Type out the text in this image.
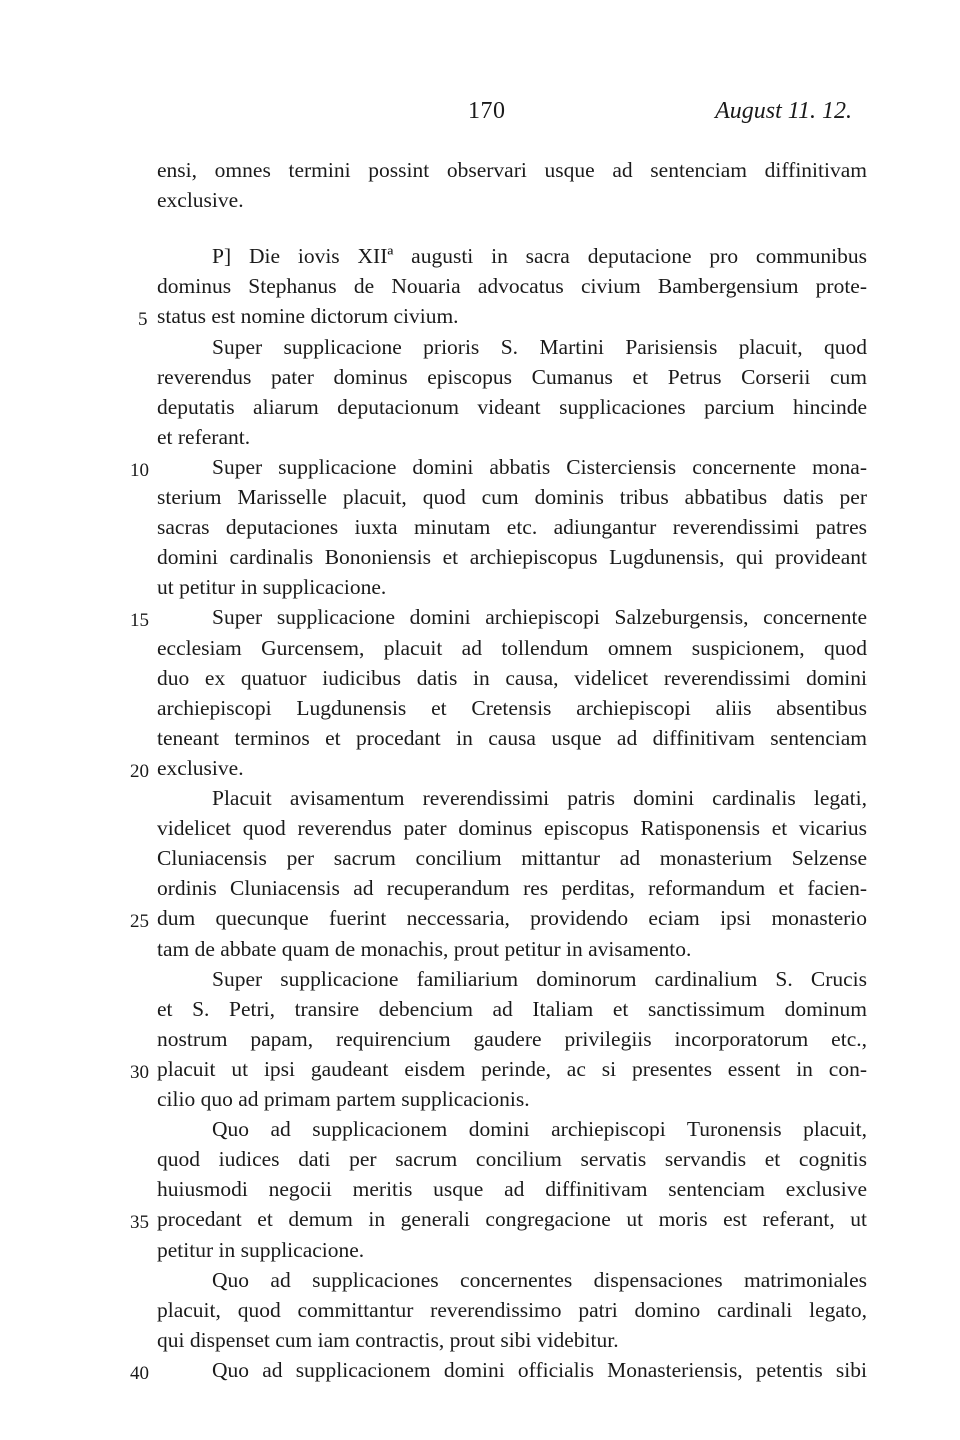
170	August 11. 12.
ensi, omnes termini possint observari usque ad sentenciam diffinitivam
exclusive.
P] Die iovis XIIª augusti in sacra deputacione pro communibus
dominus Stephanus de Nouaria advocatus civium Bambergensium prote-
status est nomine dictorum civium.
Super supplicacione prioris S. Martini Parisiensis placuit, quod
reverendus pater dominus episcopus Cumanus et Petrus Corserii cum
deputatis aliarum deputacionum videant supplicaciones parcium hincinde
et referant.
Super supplicacione domini abbatis Cisterciensis concernente mona-
sterium Marisselle placuit, quod cum dominis tribus abbatibus datis per
sacras deputaciones iuxta minutam etc. adiungantur reverendissimi patres
domini cardinalis Bononiensis et archiepiscopus Lugdunensis, qui provideant
ut petitur in supplicacione.
Super supplicacione domini archiepiscopi Salzeburgensis, concernente
ecclesiam Gurcensem, placuit ad tollendum omnem suspicionem, quod
duo ex quatuor iudicibus datis in causa, videlicet reverendissimi domini
archiepiscopi Lugdunensis et Cretensis archiepiscopi aliis absentibus
teneant terminos et procedant in causa usque ad diffinitivam sentenciam
exclusive.
Placuit avisamentum reverendissimi patris domini cardinalis legati,
videlicet quod reverendus pater dominus episcopus Ratisponensis et vicarius
Cluniacensis per sacrum concilium mittantur ad monasterium Selzense
ordinis Cluniacensis ad recuperandum res perditas, reformandum et facien-
dum quecunque fuerint neccessaria, providendo eciam ipsi monasterio
tam de abbate quam de monachis, prout petitur in avisamento.
Super supplicacione familiarium dominorum cardinalium S. Crucis
et S. Petri, transire debencium ad Italiam et sanctissimum dominum
nostrum papam, requirencium gaudere privilegiis incorporatorum etc.,
placuit ut ipsi gaudeant eisdem perinde, ac si presentes essent in con-
cilio quo ad primam partem supplicacionis.
Quo ad supplicacionem domini archiepiscopi Turonensis placuit,
quod iudices dati per sacrum concilium servatis servandis et cognitis
huiusmodi negocii meritis usque ad diffinitivam sentenciam exclusive
procedant et demum in generali congregacione ut moris est referant, ut
petitur in supplicacione.
Quo ad supplicaciones concernentes dispensaciones matrimoniales
placuit, quod committantur reverendissimo patri domino cardinali legato,
qui dispenset cum iam contractis, prout sibi videbitur.
Quo ad supplicacionem domini officialis Monasteriensis, petentis sibi
5
10
15
20
25
30
35
40
